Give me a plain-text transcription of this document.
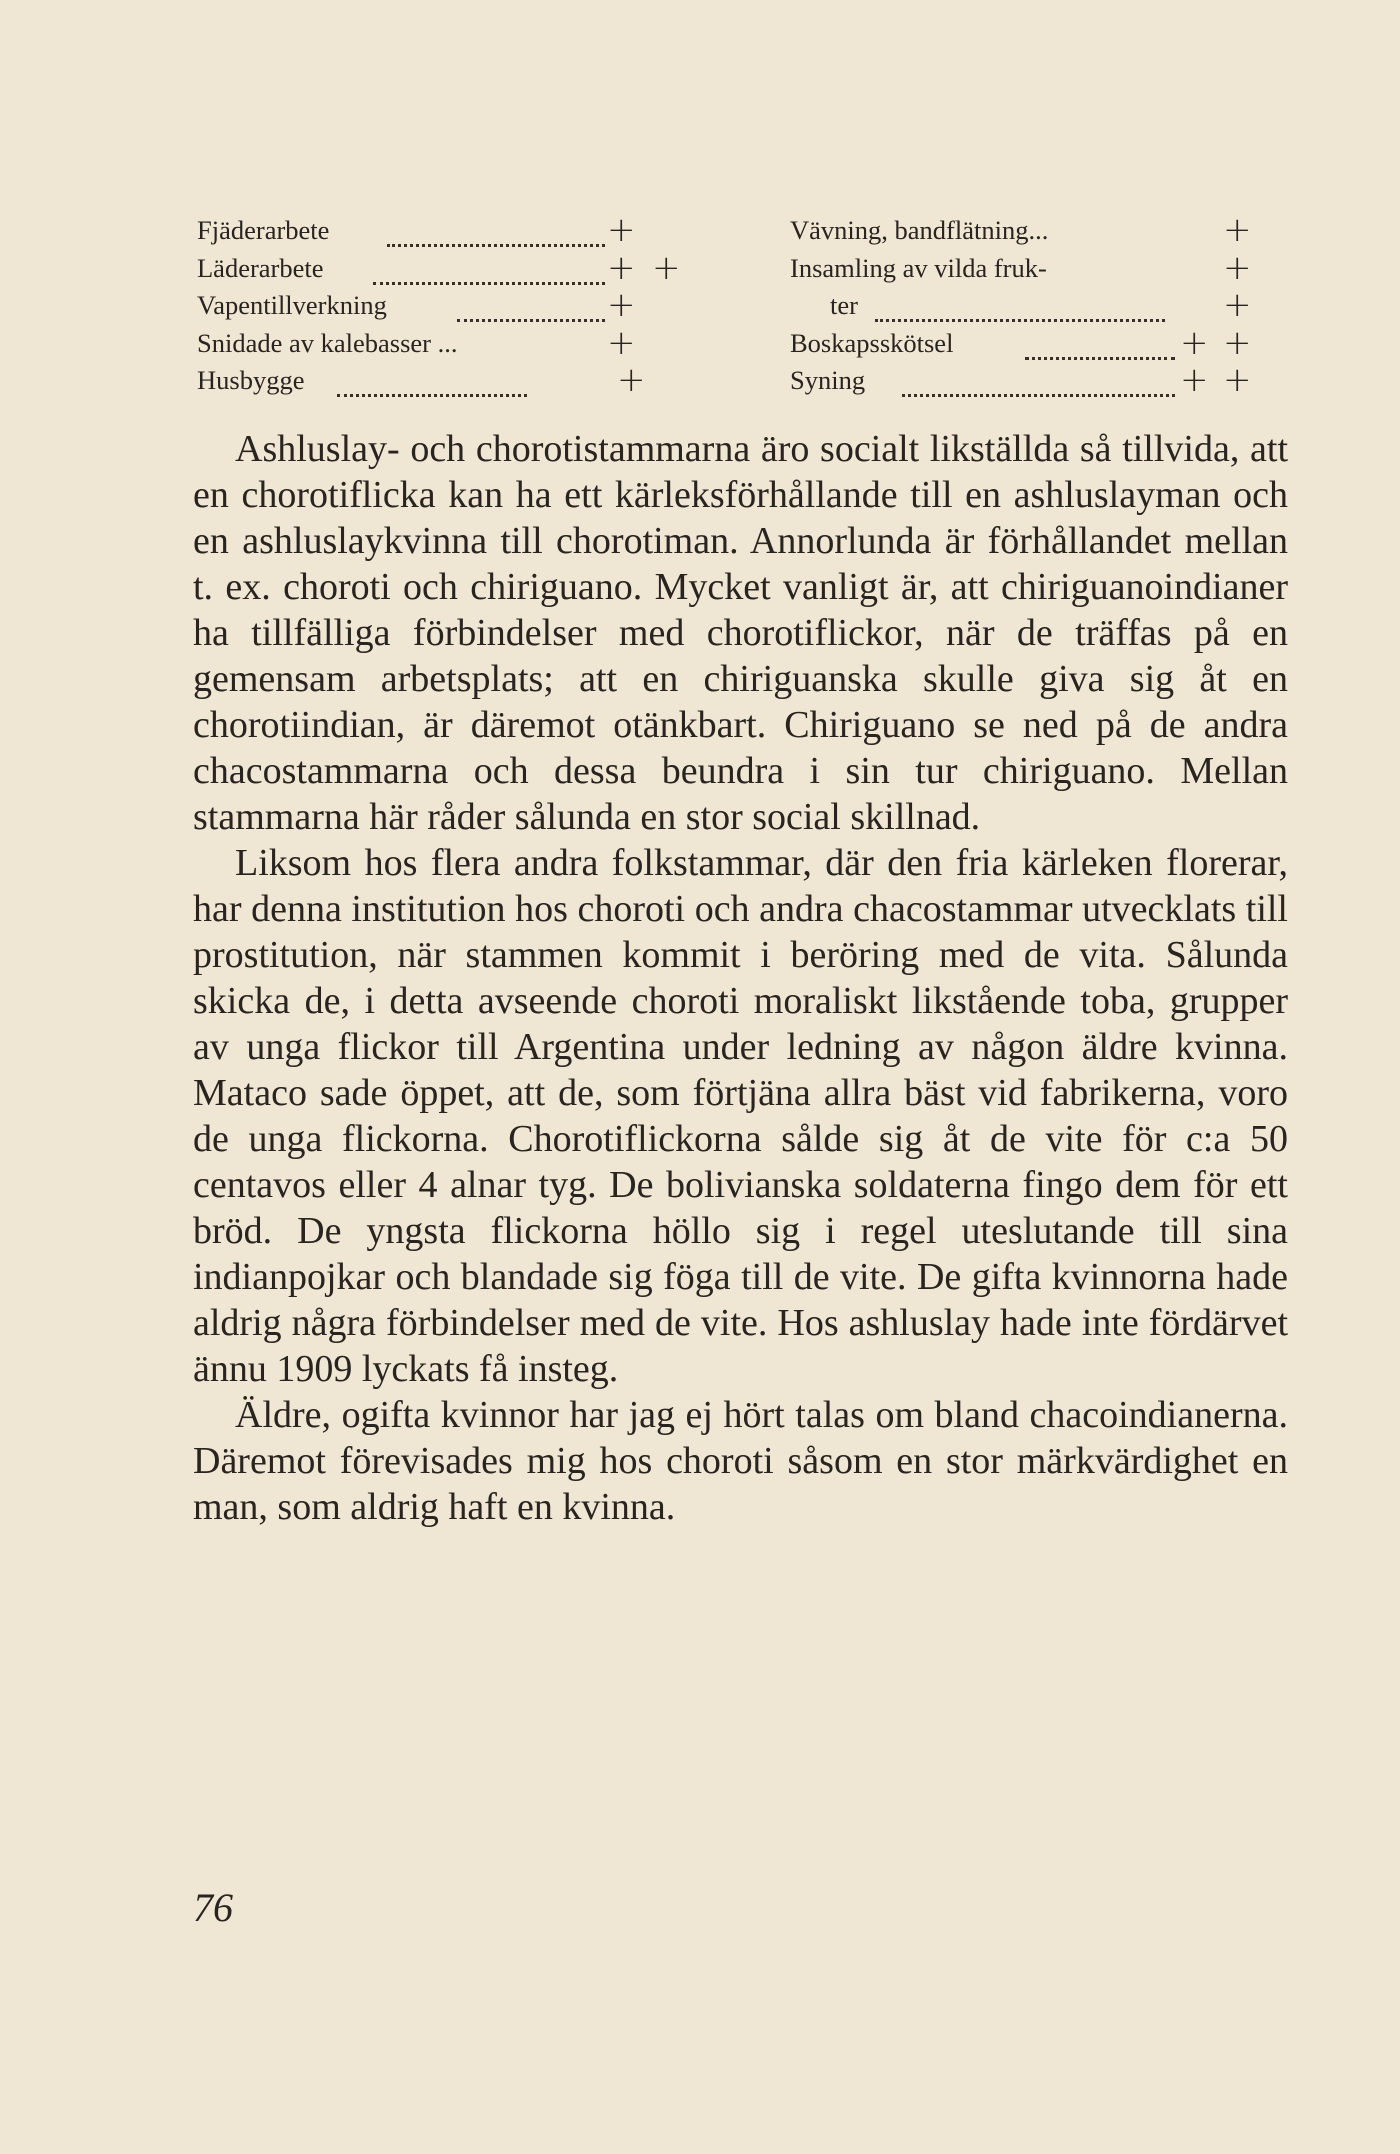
Fjäderarbete	+
Läderarbete	+ +
Vapentillverkning	+
Snidade av kalebasser ...	+
Husbygge	+
Vävning, bandflätning...	+
Insamling av vilda fruk-	+
ter	+
Boskapsskötsel	+ +
Syning	+ +

Ashluslay- och chorotistammarna äro socialt likställda så tillvida, att en chorotiflicka kan ha ett kärleksförhållande till en ashluslayman och en ashluslaykvinna till chorotiman. Annorlunda är förhållandet mellan t. ex. choroti och chiriguano. Mycket vanligt är, att chiriguanoindianer ha tillfälliga förbindelser med chorotiflickor, när de träffas på en gemensam arbetsplats; att en chiriguanska skulle giva sig åt en chorotiindian, är däremot otänkbart. Chiriguano se ned på de andra chacostammarna och dessa beundra i sin tur chiriguano. Mellan stammarna här råder sålunda en stor social skillnad.

Liksom hos flera andra folkstammar, där den fria kärleken florerar, har denna institution hos choroti och andra chacostammar utvecklats till prostitution, när stammen kommit i beröring med de vita. Sålunda skicka de, i detta avseende choroti moraliskt likstående toba, grupper av unga flickor till Argentina under ledning av någon äldre kvinna. Mataco sade öppet, att de, som förtjäna allra bäst vid fabrikerna, voro de unga flickorna. Chorotiflickorna sålde sig åt de vite för c:a 50 centavos eller 4 alnar tyg. De bolivianska soldaterna fingo dem för ett bröd. De yngsta flickorna höllo sig i regel uteslutande till sina indianpojkar och blandade sig föga till de vite. De gifta kvinnorna hade aldrig några förbindelser med de vite. Hos ashluslay hade inte fördärvet ännu 1909 lyckats få insteg.

Äldre, ogifta kvinnor har jag ej hört talas om bland chacoindianerna. Däremot förevisades mig hos choroti såsom en stor märkvärdighet en man, som aldrig haft en kvinna.

76
